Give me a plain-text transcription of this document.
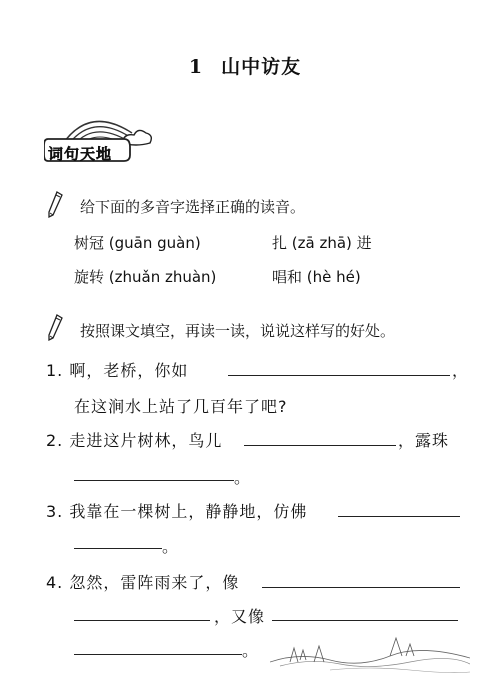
1 山中访友
词句天地
给下面的多音字选择正确的读音。
树冠 (guān guàn)	扎 (zā zhā) 进
旋转 (zhuǎn zhuàn)	唱和 (hè hé)
按照课文填空，再读一读，说说这样写的好处。
1. 啊，老桥，你如	，
在这涧水上站了几百年了吧?
2. 走进这片树林，鸟儿	，露珠
。
3. 我靠在一棵树上，静静地，仿佛
。
4. 忽然，雷阵雨来了，像
，又像
。
